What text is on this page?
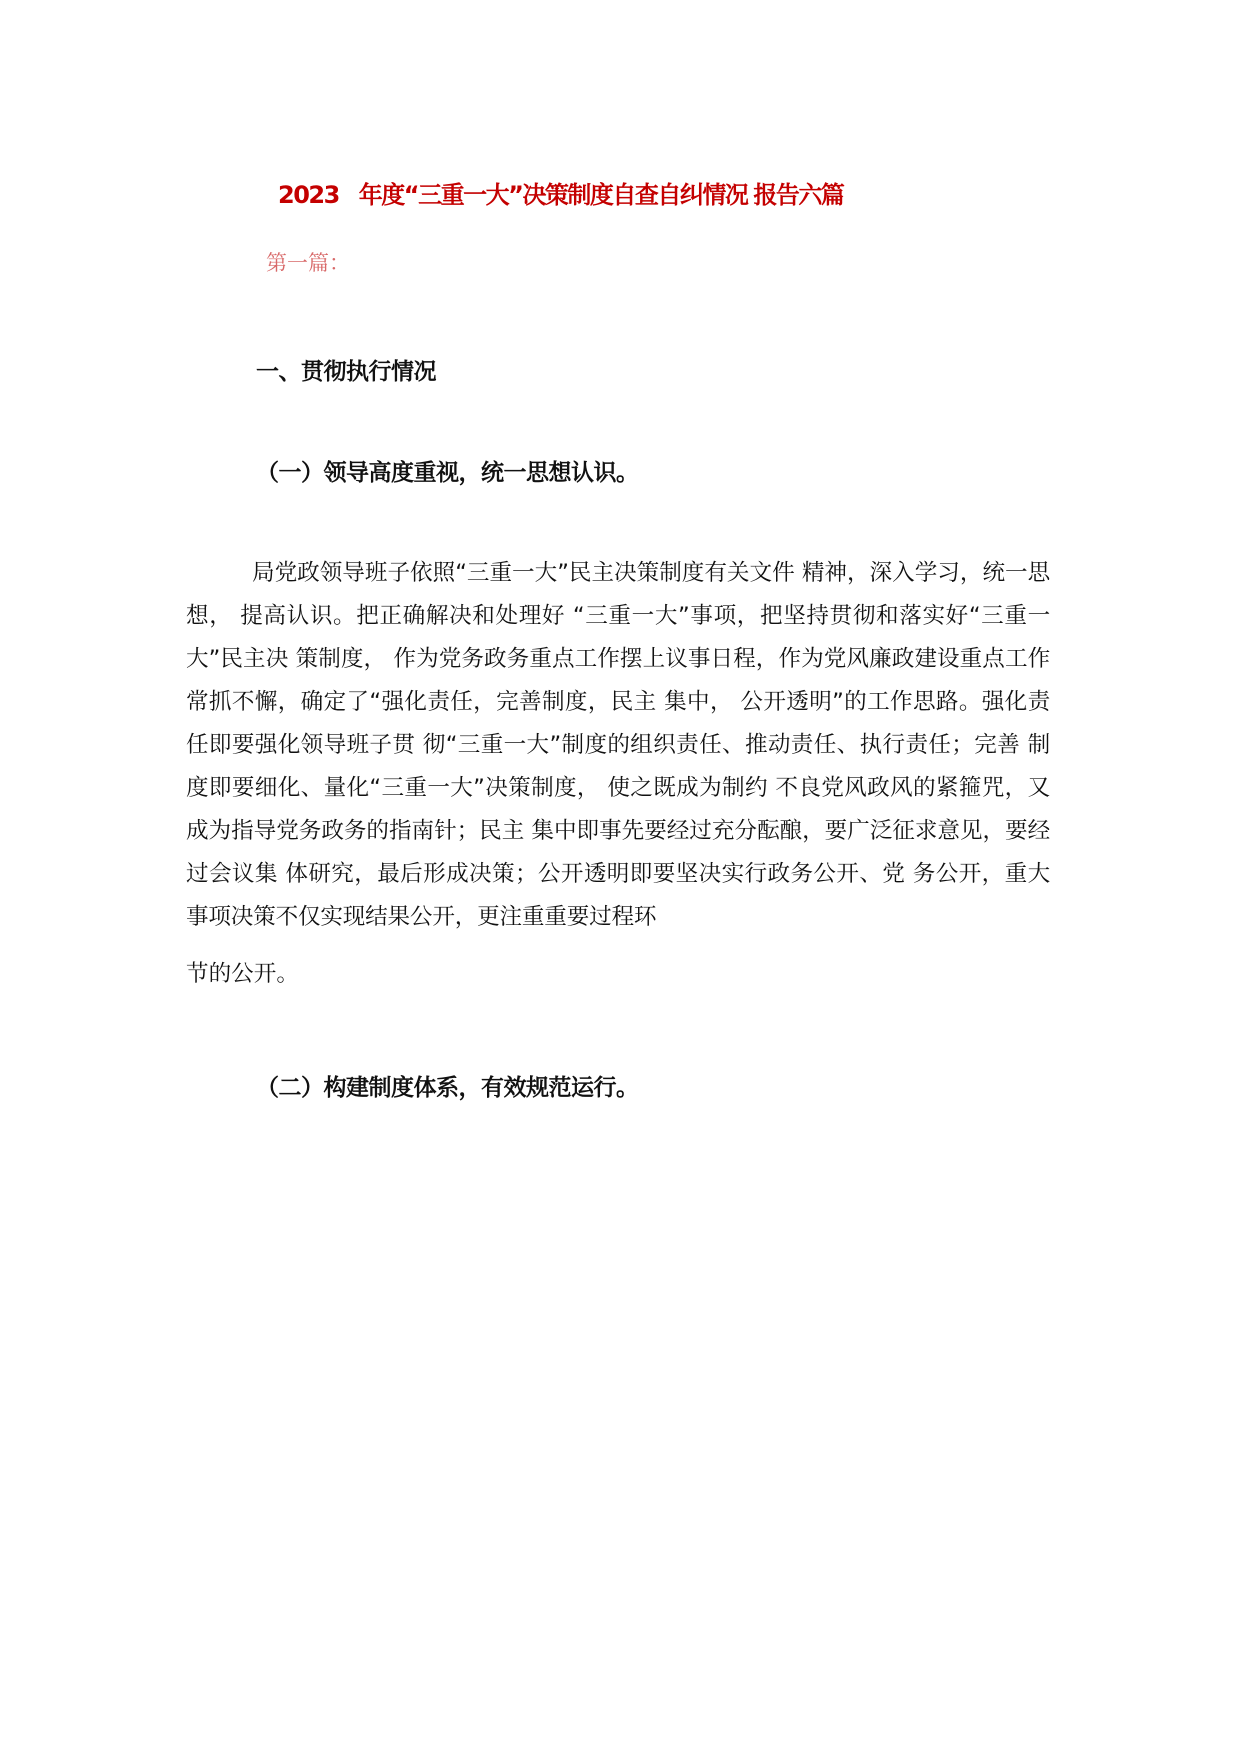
2023 年度“三重一大”决策制度自查自纠情况 报告六篇

第一篇：

一、贯彻执行情况
（一）领导高度重视，统一思想认识。

局党政领导班子依照“三重一大”民主决策制度有关文件 精神，深入学习，统一思想， 提高认识。把正确解决和处理好 “三重一大”事项，把坚持贯彻和落实好“三重一大”民主决 策制度， 作为党务政务重点工作摆上议事日程，作为党风廉政建设重点工作常抓不懈，确定了“强化责任，完善制度，民主 集中， 公开透明”的工作思路。强化责任即要强化领导班子贯 彻“三重一大”制度的组织责任、推动责任、执行责任；完善 制度即要细化、量化“三重一大”决策制度， 使之既成为制约 不良党风政风的紧箍咒，又成为指导党务政务的指南针；民主 集中即事先要经过充分酝酿，要广泛征求意见，要经过会议集 体研究，最后形成决策；公开透明即要坚决实行政务公开、党 务公开，重大事项决策不仅实现结果公开，更注重重要过程环

节的公开。

（二）构建制度体系，有效规范运行。
